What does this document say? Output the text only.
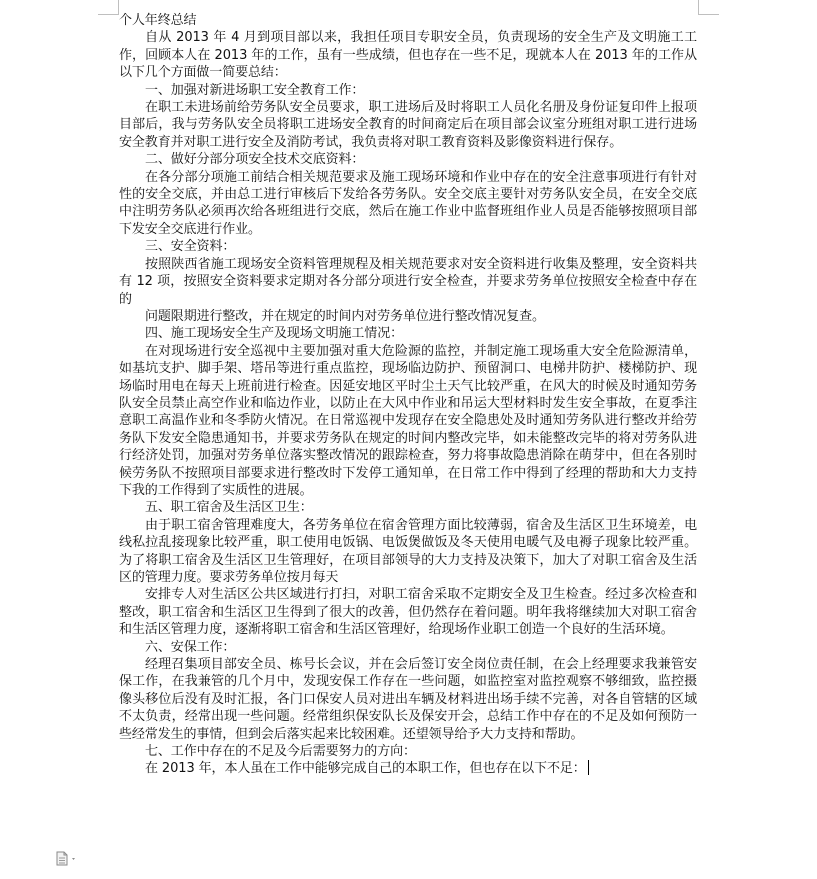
个人年终总结

自从 2013 年 4 月到项目部以来，我担任项目专职安全员，负责现场的安全生产及文明施工工作，回顾本人在 2013 年的工作，虽有一些成绩，但也存在一些不足，现就本人在 2013 年的工作从以下几个方面做一简要总结：

一、加强对新进场职工安全教育工作：

在职工未进场前给劳务队安全员要求，职工进场后及时将职工人员化名册及身份证复印件上报项目部后，我与劳务队安全员将职工进场安全教育的时间商定后在项目部会议室分班组对职工进行进场安全教育并对职工进行安全及消防考试，我负责将对职工教育资料及影像资料进行保存。

二、做好分部分项安全技术交底资料：

在各分部分项施工前结合相关规范要求及施工现场环境和作业中存在的安全注意事项进行有针对性的安全交底，并由总工进行审核后下发给各劳务队。安全交底主要针对劳务队安全员，在安全交底中注明劳务队必须再次给各班组进行交底，然后在施工作业中监督班组作业人员是否能够按照项目部下发安全交底进行作业。

三、安全资料：

按照陕西省施工现场安全资料管理规程及相关规范要求对安全资料进行收集及整理，安全资料共有 12 项，按照安全资料要求定期对各分部分项进行安全检查，并要求劳务单位按照安全检查中存在的

问题限期进行整改，并在规定的时间内对劳务单位进行整改情况复查。

四、施工现场安全生产及现场文明施工情况：

在对现场进行安全巡视中主要加强对重大危险源的监控，并制定施工现场重大安全危险源清单，如基坑支护、脚手架、塔吊等进行重点监控，现场临边防护、预留洞口、电梯井防护、楼梯防护、现场临时用电在每天上班前进行检查。因延安地区平时尘土天气比较严重，在风大的时候及时通知劳务队安全员禁止高空作业和临边作业，以防止在大风中作业和吊运大型材料时发生安全事故，在夏季注意职工高温作业和冬季防火情况。在日常巡视中发现存在安全隐患处及时通知劳务队进行整改并给劳务队下发安全隐患通知书，并要求劳务队在规定的时间内整改完毕，如未能整改完毕的将对劳务队进行经济处罚，加强对劳务单位落实整改情况的跟踪检查，努力将事故隐患消除在萌芽中，但在各别时候劳务队不按照项目部要求进行整改时下发停工通知单，在日常工作中得到了经理的帮助和大力支持下我的工作得到了实质性的进展。

五、职工宿舍及生活区卫生：

由于职工宿舍管理难度大，各劳务单位在宿舍管理方面比较薄弱，宿舍及生活区卫生环境差，电线私拉乱接现象比较严重，职工使用电饭锅、电饭煲做饭及冬天使用电暖气及电褥子现象比较严重。为了将职工宿舍及生活区卫生管理好，在项目部领导的大力支持及决策下，加大了对职工宿舍及生活区的管理力度。要求劳务单位按月每天

安排专人对生活区公共区域进行打扫，对职工宿舍采取不定期安全及卫生检查。经过多次检查和整改，职工宿舍和生活区卫生得到了很大的改善，但仍然存在着问题。明年我将继续加大对职工宿舍和生活区管理力度，逐渐将职工宿舍和生活区管理好，给现场作业职工创造一个良好的生活环境。

六、安保工作：

经理召集项目部安全员、栋号长会议，并在会后签订安全岗位责任制，在会上经理要求我兼管安保工作，在我兼管的几个月中，发现安保工作存在一些问题，如监控室对监控观察不够细致，监控摄像头移位后没有及时汇报，各门口保安人员对进出车辆及材料进出场手续不完善，对各自管辖的区域不太负责，经常出现一些问题。经常组织保安队长及保安开会，总结工作中存在的不足及如何预防一些经常发生的事情，但到会后落实起来比较困难。还望领导给予大力支持和帮助。

七、工作中存在的不足及今后需要努力的方向：

在 2013 年，本人虽在工作中能够完成自己的本职工作，但也存在以下不足：
